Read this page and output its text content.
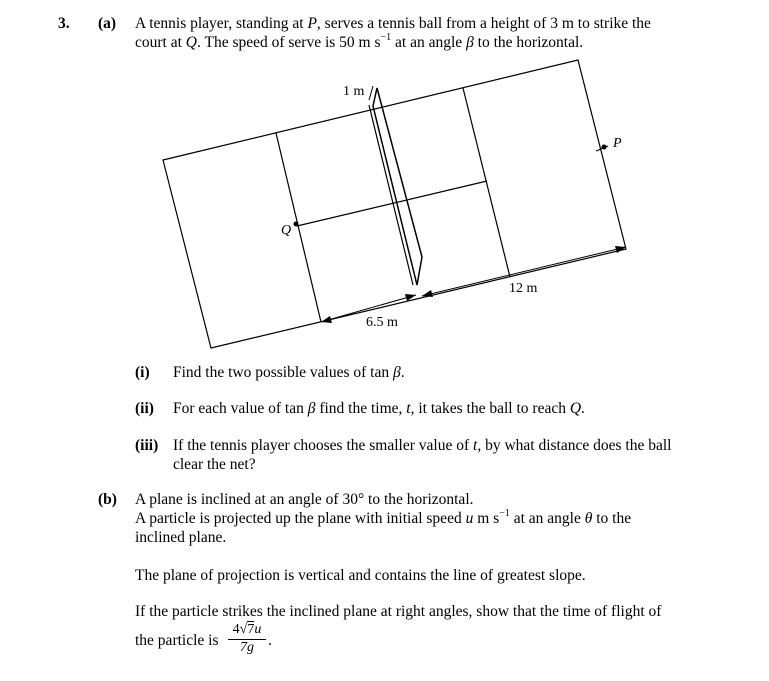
3. (a) A tennis player, standing at P, serves a tennis ball from a height of 3 m to strike the
court at Q. The speed of serve is 50 m $s^{-1}$ at an angle β to the horizontal.
1 m
P
Q
12 m
6.5 m
(i) Find the two possible values of tan β.
(ii) For each value of tan β find the time, t, it takes the ball to reach Q.
(iii) If the tennis player chooses the smaller value of t, by what distance does the ball
clear the net?
(b) A plane is inclined at an angle of 30° to the horizontal.
A particle is projected up the plane with initial speed u m $s^{-1}$ at an angle θ to the
inclined plane.
The plane of projection is vertical and contains the line of greatest slope.
If the particle strikes the inclined plane at right angles, show that the time of flight of
the particle is
4√7u
7g .
